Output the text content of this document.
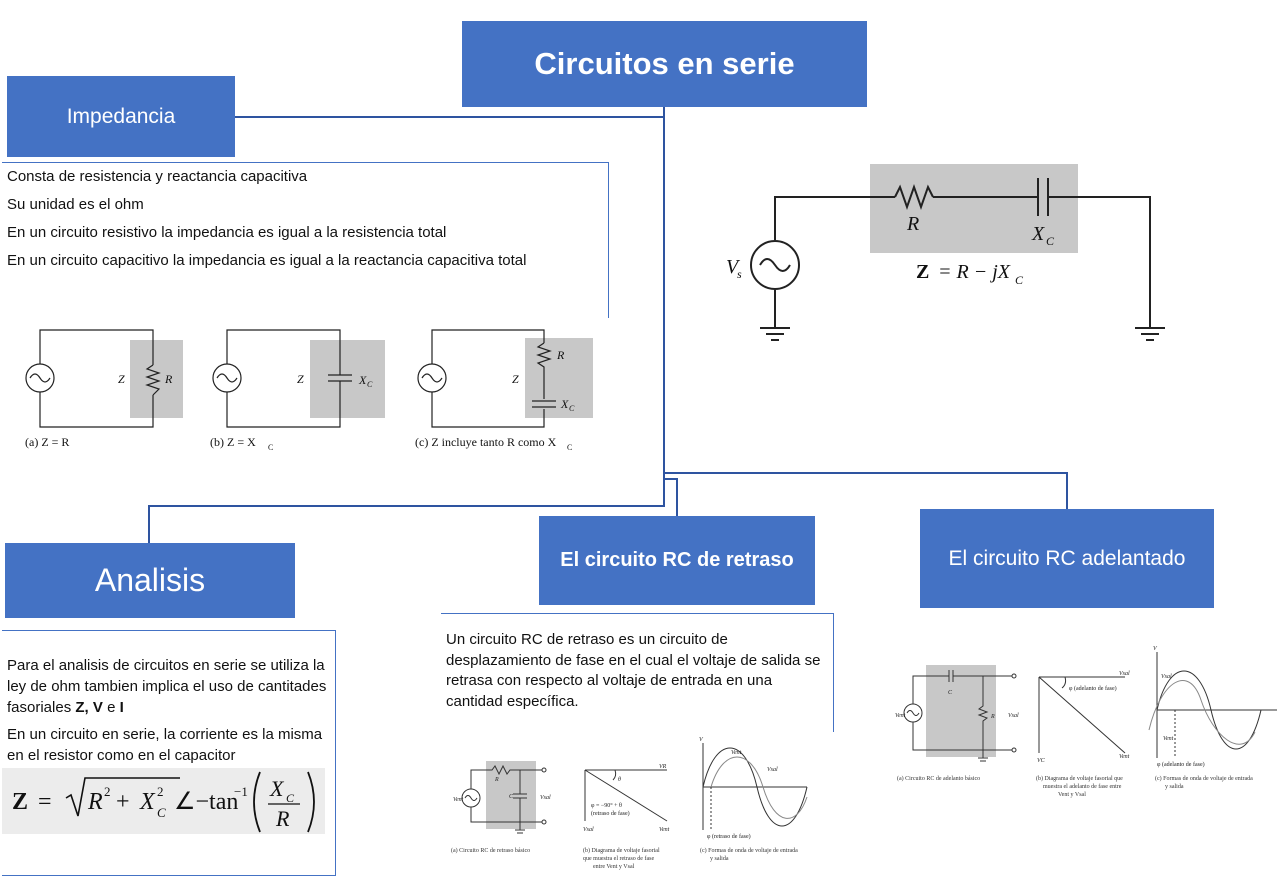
Circuitos en serie
Impedancia
Analisis
El circuito RC de retraso	El circuito RC adelantado

Consta de resistencia y reactancia capacitiva

Su unidad es el ohm

En un circuito resistivo la impedancia es igual a la resistencia total

En un circuito capacitivo la impedancia es igual a la reactancia capacitiva total

Z	R	Z	X C	Z
R
X C
(a) Z = R	(b) Z = X C	(c) Z incluye tanto R como X C
V
s
R	X C
Z = R − jX C

Para el analisis de circuitos en serie se utiliza la ley de ohm tambien implica el uso de cantitades fasoriales Z, V e I

En un circuito en serie, la corriente es la misma en el resistor como en el capacitor

Z = R 2 + X 2
C ∠−tan
−1 X C
R
Un circuito RC de retraso es un circuito de desplazamiento de fase en el cual el voltaje de salida se retrasa con respecto al voltaje de entrada en una cantidad específica.
R
C
Vent	Vsal
VR
θ
φ = −90° + θ
(retraso de fase)
Vsal	Vent
V
Vent
Vsal
φ (retraso de fase)
(a) Circuito RC de retraso básico	(b) Diagrama de voltaje fasorial
que muestra el retraso de fase
entre Vent y Vsal
(c) Formas de onda de voltaje de entrada
y salida
C
R
Vent	Vsal
Vsal
φ (adelanto de fase)
VC
Vent
V
Vsal
Vent
φ (adelanto de fase)
(a) Circuito RC de adelanto básico	(b) Diagrama de voltaje fasorial que
muestra el adelanto de fase entre
Vent y Vsal
(c) Formas de onda de voltaje de entrada
y salida
